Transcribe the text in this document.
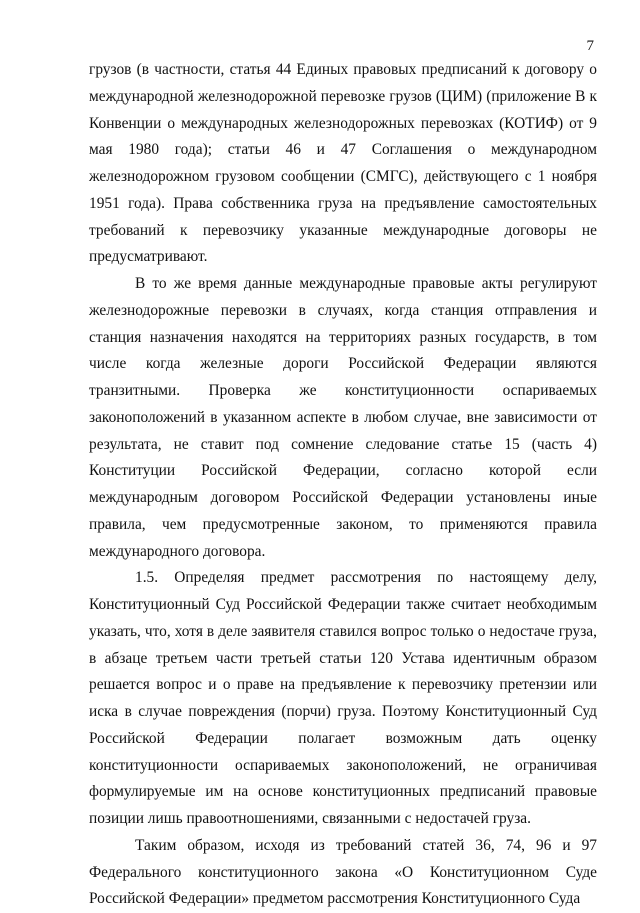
7

грузов (в частности, статья 44 Единых правовых предписаний к договору о международной железнодорожной перевозке грузов (ЦИМ) (приложение В к Конвенции о международных железнодорожных перевозках (КОТИФ) от 9 мая 1980 года); статьи 46 и 47 Соглашения о международном железнодорожном грузовом сообщении (СМГС), действующего с 1 ноября 1951 года). Права собственника груза на предъявление самостоятельных требований к перевозчику указанные международные договоры не предусматривают.

В то же время данные международные правовые акты регулируют железнодорожные перевозки в случаях, когда станция отправления и станция назначения находятся на территориях разных государств, в том числе когда железные дороги Российской Федерации являются транзитными. Проверка же конституционности оспариваемых законоположений в указанном аспекте в любом случае, вне зависимости от результата, не ставит под сомнение следование статье 15 (часть 4) Конституции Российской Федерации, согласно которой если международным договором Российской Федерации установлены иные правила, чем предусмотренные законом, то применяются правила международного договора.

1.5. Определяя предмет рассмотрения по настоящему делу, Конституционный Суд Российской Федерации также считает необходимым указать, что, хотя в деле заявителя ставился вопрос только о недостаче груза, в абзаце третьем части третьей статьи 120 Устава идентичным образом решается вопрос и о праве на предъявление к перевозчику претензии или иска в случае повреждения (порчи) груза. Поэтому Конституционный Суд Российской Федерации полагает возможным дать оценку конституционности оспариваемых законоположений, не ограничивая формулируемые им на основе конституционных предписаний правовые позиции лишь правоотношениями, связанными с недостачей груза.

Таким образом, исходя из требований статей 36, 74, 96 и 97 Федерального конституционного закона «О Конституционном Суде Российской Федерации» предметом рассмотрения Конституционного Суда
